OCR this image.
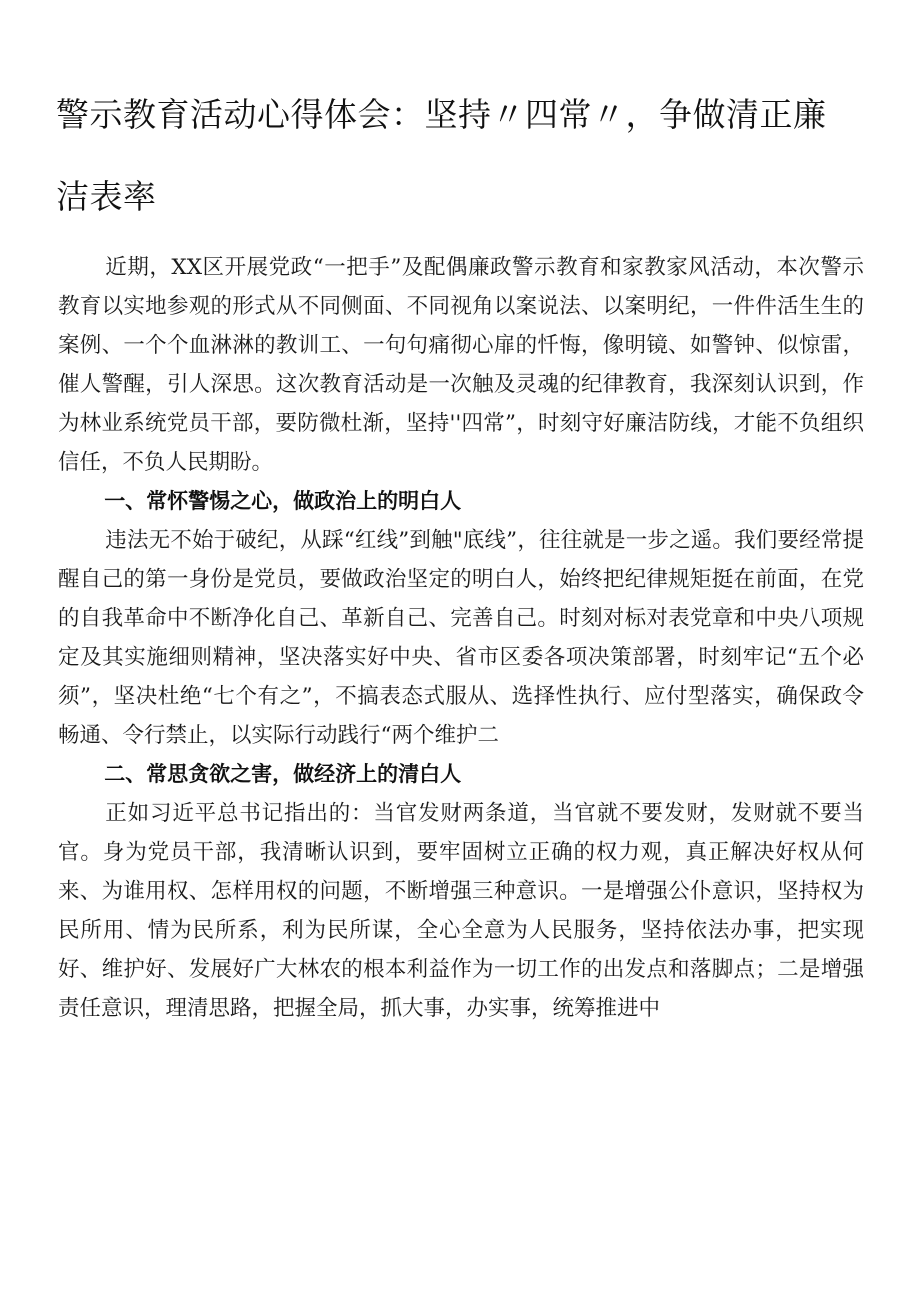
警示教育活动心得体会：坚持〃四常〃，争做清正廉洁表率

近期，XX区开展党政“一把手”及配偶廉政警示教育和家教家风活动，本次警示教育以实地参观的形式从不同侧面、不同视角以案说法、以案明纪，一件件活生生的案例、一个个血淋淋的教训工、一句句痛彻心扉的忏悔，像明镜、如警钟、似惊雷，催人警醒，引人深思。这次教育活动是一次触及灵魂的纪律教育，我深刻认识到，作为林业系统党员干部，要防微杜渐，坚持''四常”，时刻守好廉洁防线，才能不负组织信任，不负人民期盼。

一、常怀警惕之心，做政治上的明白人

违法无不始于破纪，从踩“红线”到触"底线”，往往就是一步之遥。我们要经常提醒自己的第一身份是党员，要做政治坚定的明白人，始终把纪律规矩挺在前面，在党的自我革命中不断净化自己、革新自己、完善自己。时刻对标对表党章和中央八项规定及其实施细则精神，坚决落实好中央、省市区委各项决策部署，时刻牢记“五个必须”，坚决杜绝“七个有之”，不搞表态式服从、选择性执行、应付型落实，确保政令畅通、令行禁止，以实际行动践行“两个维护二

二、常思贪欲之害，做经济上的清白人

正如习近平总书记指出的：当官发财两条道，当官就不要发财，发财就不要当官。身为党员干部，我清晰认识到，要牢固树立正确的权力观，真正解决好权从何来、为谁用权、怎样用权的问题，不断增强三种意识。一是增强公仆意识，坚持权为民所用、情为民所系，利为民所谋，全心全意为人民服务，坚持依法办事，把实现好、维护好、发展好广大林农的根本利益作为一切工作的出发点和落脚点；二是增强责任意识，理清思路，把握全局，抓大事，办实事，统筹推进中
